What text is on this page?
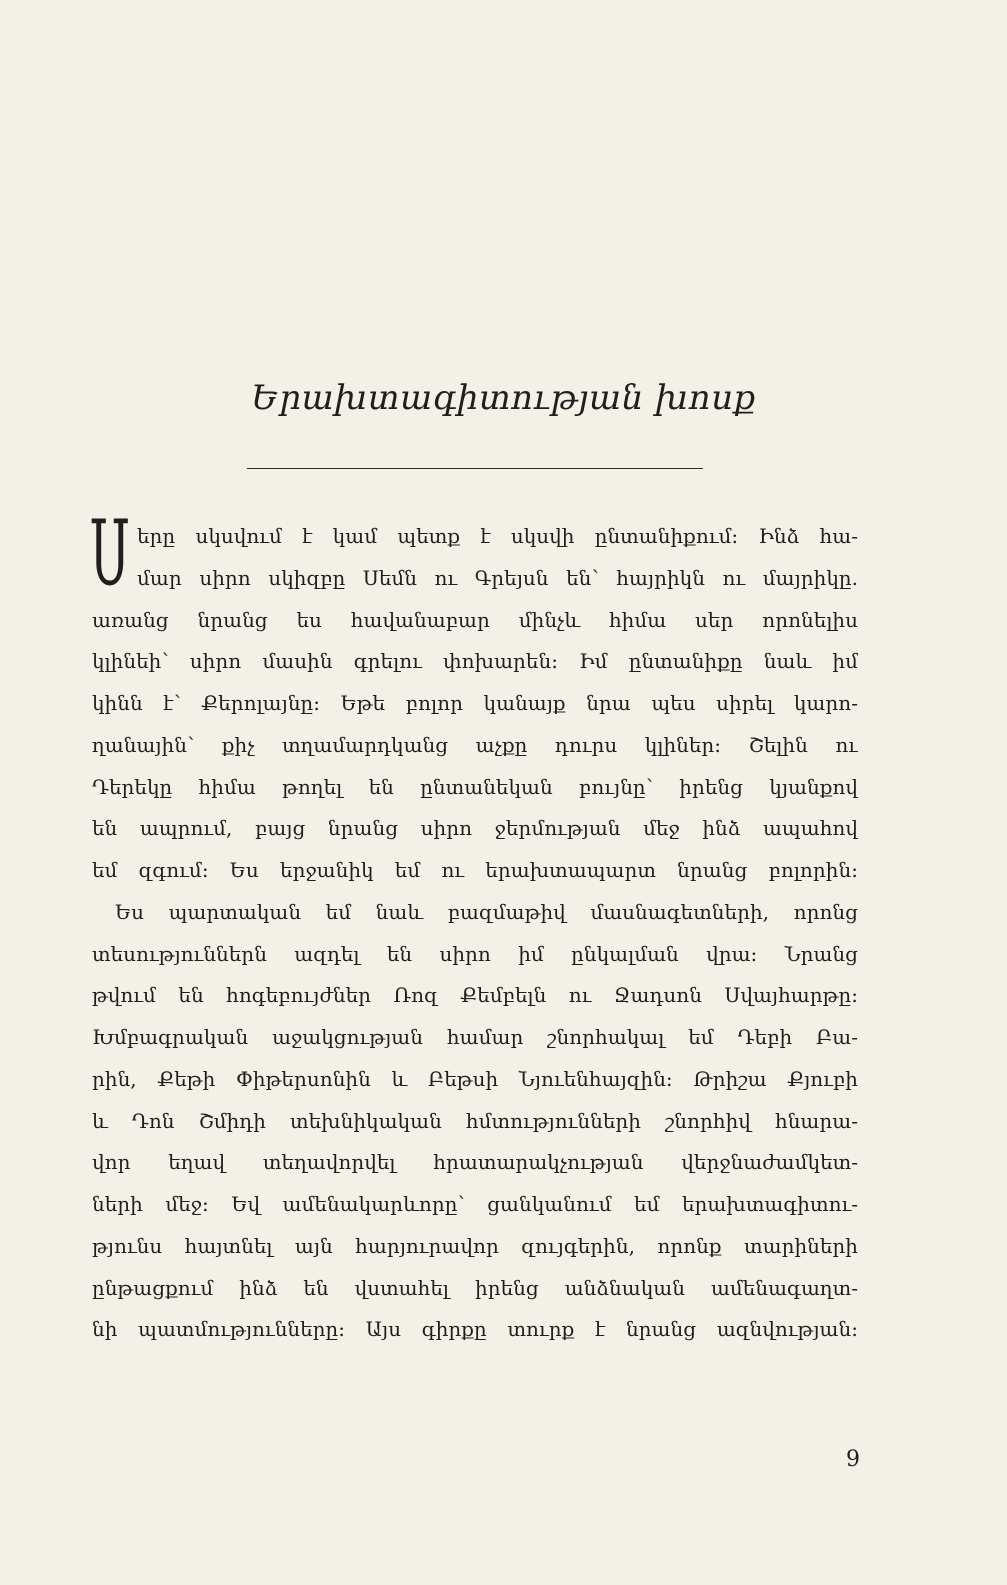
Երախտագիտության խոսք
Ս երը սկսվում է կամ պետք է սկսվի ընտանիքում։ Ինձ հա-
մար սիրո սկիզբը Սեմն ու Գրեյսն են՝ հայրիկն ու մայրիկը.
առանց նրանց ես հավանաբար մինչև հիմա սեր որոնելիս
կլինեի՝ սիրո մասին գրելու փոխարեն։ Իմ ընտանիքը նաև իմ
կինն է՝ Քերոլայնը։ Եթե բոլոր կանայք նրա պես սիրել կարո-
ղանային՝ քիչ տղամարդկանց աչքը դուրս կլիներ։ Շելին ու
Դերեկը հիմա թողել են ընտանեկան բույնը՝ իրենց կյանքով
են ապրում, բայց նրանց սիրո ջերմության մեջ ինձ ապահով
եմ զգում։ Ես երջանիկ եմ ու երախտապարտ նրանց բոլորին։
Ես պարտական եմ նաև բազմաթիվ մասնագետների, որոնց
տեսություններն ազդել են սիրո իմ ընկալման վրա։ Նրանց
թվում են հոգեբույժներ Ռոզ Քեմբելն ու Ջադսոն Սվայհարթը։
Խմբագրական աջակցության համար շնորհակալ եմ Դեբի Բա-
րին, Քեթի Փիթերսոնին և Բեթսի Նյուենհայզին։ Թրիշա Քյուբի
և Դոն Շմիդի տեխնիկական հմտությունների շնորհիվ հնարա-
վոր եղավ տեղավորվել հրատարակչության վերջնաժամկետ-
ների մեջ։ Եվ ամենակարևորը՝ ցանկանում եմ երախտագիտու-
թյունս հայտնել այն հարյուրավոր զույգերին, որոնք տարիների
ընթացքում ինձ են վստահել իրենց անձնական ամենագաղտ-
նի պատմությունները։ Այս գիրքը տուրք է նրանց ազնվության։
9
